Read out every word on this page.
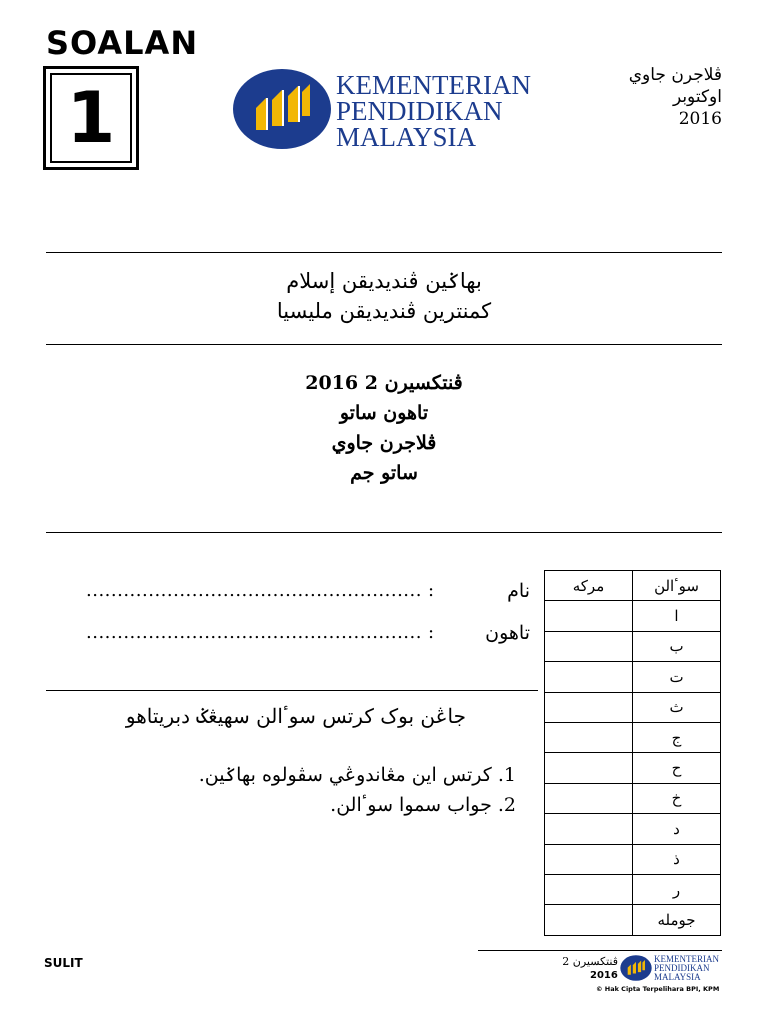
SOALAN
1	KEMENTERIAN
PENDIDIKAN
MALAYSIA
ڤلاجرن جاوي
اوكتوبر
2016
بهاݢين ڤنديديقن إسلام
كمنترين ڤنديديقن مليسيا
ڤنتكسيرن 2 2016
تاهون ساتو
ڤلاجرن جاوي
ساتو جم
...................................................... :	نام
...................................................... :	تاهون
جاڠن بوک کرتس سوٴالن سهيڠݢ دبريتاهو
1. کرتس اين مڠاندوڠي سڤولوه بهاݢين.
2. جواب سموا سوٴالن.
مرکه	سوٴالن
	ا
	ب
	ت
	ث
	ج
	ح
	خ
	د
	ذ
	ر
	جوملە
SULIT	ڤنتكسيرن 2
2016
KEMENTERIAN
PENDIDIKAN
MALAYSIA
© Hak Cipta Terpelihara BPI, KPM
